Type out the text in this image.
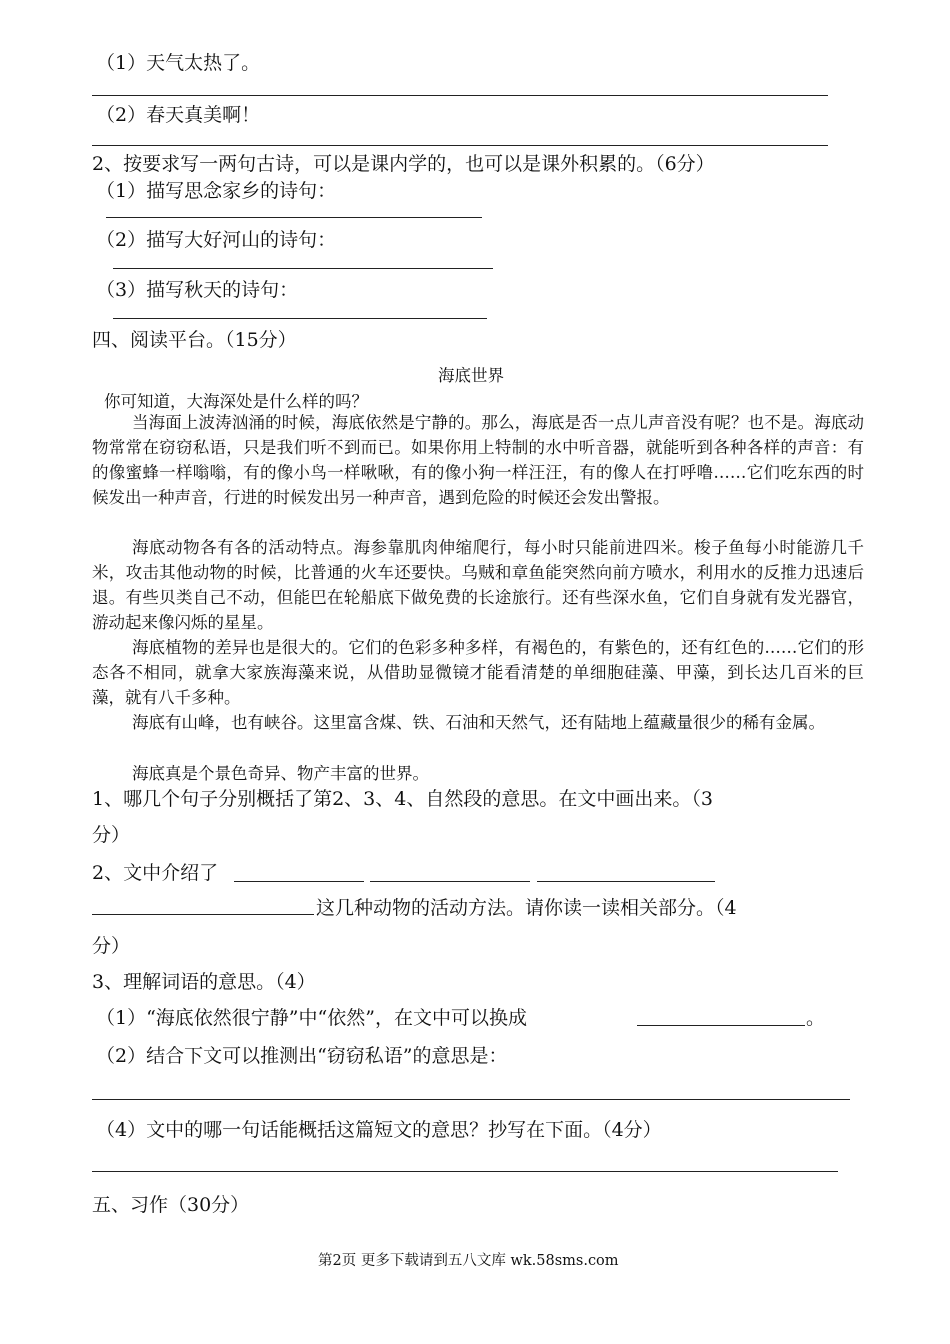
（1）天气太热了。
（2）春天真美啊！
2、按要求写一两句古诗，可以是课内学的，也可以是课外积累的。（6分）
（1）描写思念家乡的诗句：
（2）描写大好河山的诗句：
（3）描写秋天的诗句：
四、阅读平台。（15分）
海底世界
你可知道，大海深处是什么样的吗？
当海面上波涛汹涌的时候，海底依然是宁静的。那么，海底是否一点儿声音没有呢？也不是。海底动物常常在窃窃私语，只是我们听不到而已。如果你用上特制的水中听音器，就能听到各种各样的声音：有的像蜜蜂一样嗡嗡，有的像小鸟一样啾啾，有的像小狗一样汪汪，有的像人在打呼噜……它们吃东西的时候发出一种声音，行进的时候发出另一种声音，遇到危险的时候还会发出警报。
海底动物各有各的活动特点。海参靠肌肉伸缩爬行，每小时只能前进四米。梭子鱼每小时能游几千米，攻击其他动物的时候，比普通的火车还要快。乌贼和章鱼能突然向前方喷水，利用水的反推力迅速后退。有些贝类自己不动，但能巴在轮船底下做免费的长途旅行。还有些深水鱼，它们自身就有发光器官，游动起来像闪烁的星星。
海底植物的差异也是很大的。它们的色彩多种多样，有褐色的，有紫色的，还有红色的……它们的形态各不相同，就拿大家族海藻来说，从借助显微镜才能看清楚的单细胞硅藻、甲藻，到长达几百米的巨藻，就有八千多种。
海底有山峰，也有峡谷。这里富含煤、铁、石油和天然气，还有陆地上蕴藏量很少的稀有金属。
海底真是个景色奇异、物产丰富的世界。
1、哪几个句子分别概括了第2、3、4、自然段的意思。在文中画出来。（3
分）
2、文中介绍了
这几种动物的活动方法。请你读一读相关部分。（4
分）
3、理解词语的意思。（4）
（1）“海底依然很宁静”中“依然”，在文中可以换成	。
（2）结合下文可以推测出“窃窃私语”的意思是：
（4）文中的哪一句话能概括这篇短文的意思？抄写在下面。（4分）
五、习作（30分）
第2页 更多下载请到五八文库 wk.58sms.com
